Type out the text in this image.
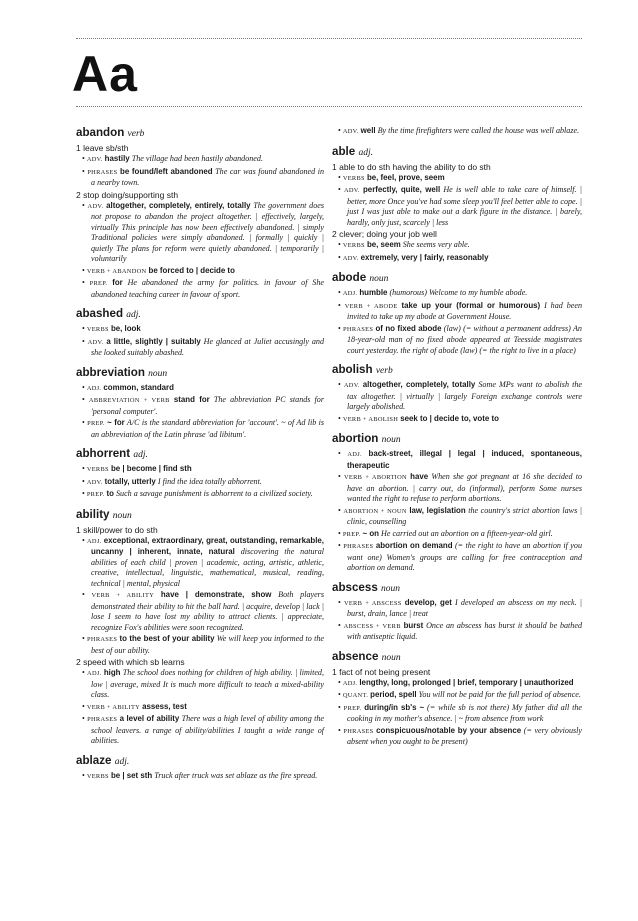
Aa
abandon verb
1 leave sb/sth
• ADV. hastily The village had been hastily abandoned.
• PHRASES be found/left abandoned The car was found abandoned in a nearby town.
2 stop doing/supporting sth
• ADV. altogether, completely, entirely, totally The government does not propose to abandon the project altogether. | effectively, largely, virtually This principle has now been effectively abandoned. | simply Traditional policies were simply abandoned. | formally | quickly | quietly The plans for reform were quietly abandoned. | temporarily | voluntarily
• VERB + ABANDON be forced to | decide to
• PREP. for He abandoned the army for politics. in favour of She abandoned teaching career in favour of sport.
abashed adj.
• VERBS be, look
• ADV. a little, slightly | suitably He glanced at Juliet accusingly and she looked suitably abashed.
abbreviation noun
• ADJ. common, standard
• ABBREVIATION + VERB stand for The abbreviation PC stands for 'personal computer'.
• PREP. ~ for A/C is the standard abbreviation for 'account'. ~ of Ad lib is an abbreviation of the Latin phrase 'ad libitum'.
abhorrent adj.
• VERBS be | become | find sth
• ADV. totally, utterly I find the idea totally abhorrent.
• PREP. to Such a savage punishment is abhorrent to a civilized society.
ability noun
1 skill/power to do sth
• ADJ. exceptional, extraordinary, great, outstanding, remarkable, uncanny | inherent, innate, natural discovering the natural abilities of each child | proven | academic, acting, artistic, athletic, creative, intellectual, linguistic, mathematical, musical, reading, technical | mental, physical
• VERB + ABILITY have | demonstrate, show Both players demonstrated their ability to hit the ball hard. | acquire, develop | lack | lose I seem to have lost my ability to attract clients. | appreciate, recognize Fox's abilities were soon recognized.
• PHRASES to the best of your ability We will keep you informed to the best of our ability.
2 speed with which sb learns
• ADJ. high The school does nothing for children of high ability. | limited, low | average, mixed It is much more difficult to teach a mixed-ability class.
• VERB + ABILITY assess, test
• PHRASES a level of ability There was a high level of ability among the school leavers. a range of ability/abilities I taught a wide range of abilities.
ablaze adj.
• VERBS be | set sth Truck after truck was set ablaze as the fire spread.
• ADV. well By the time firefighters were called the house was well ablaze.
able adj.
1 able to do sth having the ability to do sth
• VERBS be, feel, prove, seem
• ADV. perfectly, quite, well He is well able to take care of himself. | better, more Once you've had some sleep you'll feel better able to cope. | just I was just able to make out a dark figure in the distance. | barely, hardly, only just, scarcely | less
2 clever; doing your job well
• VERBS be, seem She seems very able.
• ADV. extremely, very | fairly, reasonably
abode noun
• ADJ. humble (humorous) Welcome to my humble abode.
• VERB + ABODE take up your (formal or humorous) I had been invited to take up my abode at Government House.
• PHRASES of no fixed abode (law) (= without a permanent address) An 18-year-old man of no fixed abode appeared at Teesside magistrates court yesterday. the right of abode (law) (= the right to live in a place)
abolish verb
• ADV. altogether, completely, totally Some MPs want to abolish the tax altogether. | virtually | largely Foreign exchange controls were largely abolished.
• VERB + ABOLISH seek to | decide to, vote to
abortion noun
• ADJ. back-street, illegal | legal | induced, spontaneous, therapeutic
• VERB + ABORTION have When she got pregnant at 16 she decided to have an abortion. | carry out, do (informal), perform Some nurses wanted the right to refuse to perform abortions.
• ABORTION + NOUN law, legislation the country's strict abortion laws | clinic, counselling
• PREP. ~ on He carried out an abortion on a fifteen-year-old girl.
• PHRASES abortion on demand (= the right to have an abortion if you want one) Women's groups are calling for free contraception and abortion on demand.
abscess noun
• VERB + ABSCESS develop, get I developed an abscess on my neck. | burst, drain, lance | treat
• ABSCESS + VERB burst Once an abscess has burst it should be bathed with antiseptic liquid.
absence noun
1 fact of not being present
• ADJ. lengthy, long, prolonged | brief, temporary | unauthorized
• QUANT. period, spell You will not be paid for the full period of absence.
• PREP. during/in sb's ~ (= while sb is not there) My father did all the cooking in my mother's absence. | ~ from absence from work
• PHRASES conspicuous/notable by your absence (= very obviously absent when you ought to be present)
